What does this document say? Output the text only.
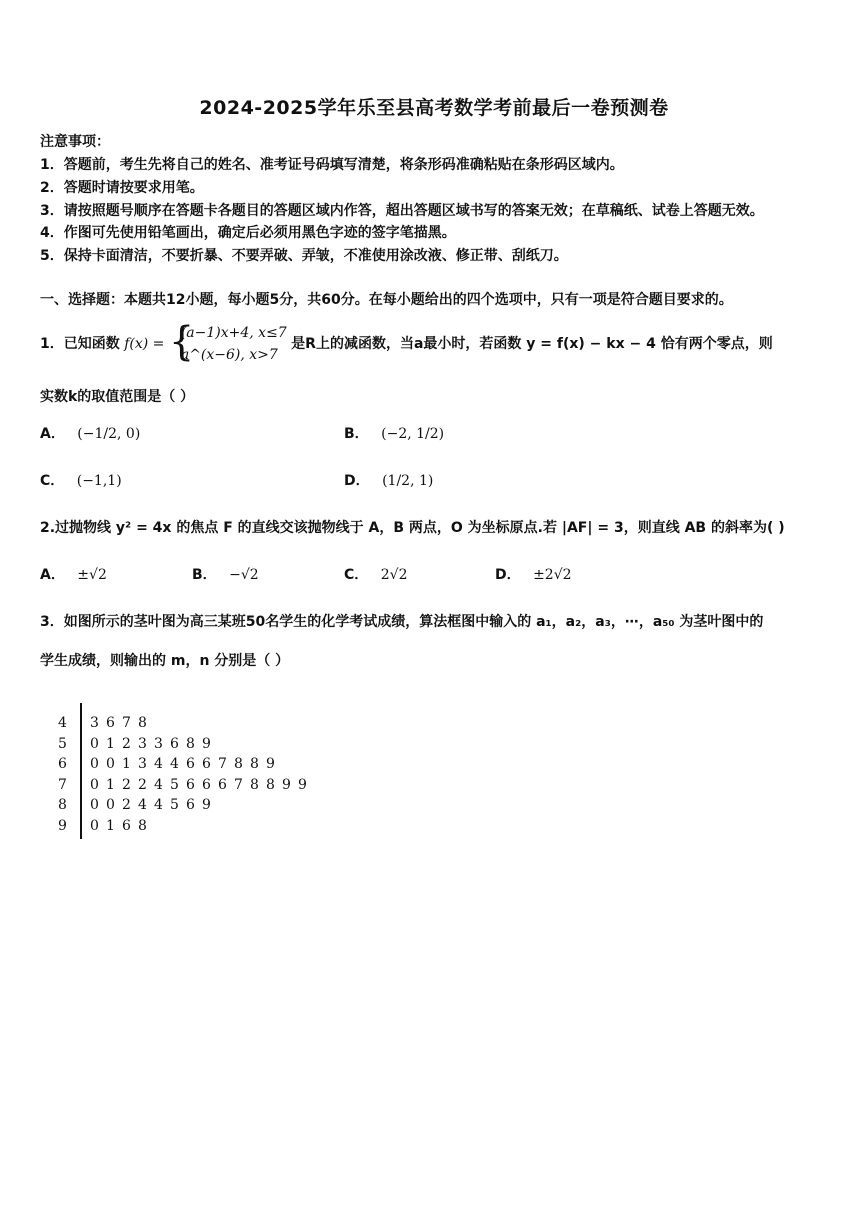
2024-2025学年乐至县高考数学考前最后一卷预测卷
注意事项：
1．答题前，考生先将自己的姓名、准考证号码填写清楚，将条形码准确粘贴在条形码区域内。
2．答题时请按要求用笔。
3．请按照题号顺序在答题卡各题目的答题区域内作答，超出答题区域书写的答案无效；在草稿纸、试卷上答题无效。
4．作图可先使用铅笔画出，确定后必须用黑色字迹的签字笔描黑。
5．保持卡面清洁，不要折暴、不要弄破、弄皱，不准使用涂改液、修正带、刮纸刀。
一、选择题：本题共12小题，每小题5分，共60分。在每小题给出的四个选项中，只有一项是符合题目要求的。
1．已知函数 f(x) = {
(a−1)x+4, x≤7
a^(x−6), x>7
是R上的减函数，当a最小时，若函数 y = f(x) − kx − 4 恰有两个零点，则
实数k的取值范围是（ ）
A． (−1/2, 0)	B． (−2, 1/2)
C． (−1,1)	D． (1/2, 1)
2.过抛物线 y² = 4x 的焦点 F 的直线交该抛物线于 A，B 两点，O 为坐标原点.若 |AF| = 3，则直线 AB 的斜率为( )
A． ±√2	B． −√2	C． 2√2	D． ±2√2
3．如图所示的茎叶图为高三某班50名学生的化学考试成绩，算法框图中输入的 a₁，a₂，a₃，⋯，a₅₀ 为茎叶图中的
学生成绩，则输出的 m，n 分别是（ ）
4	3 6 7 8
5	0 1 2 3 3 6 8 9
6	0 0 1 3 4 4 6 6 7 8 8 9
7	0 1 2 2 4 5 6 6 6 7 8 8 9 9
8	0 0 2 4 4 5 6 9
9	0 1 6 8
